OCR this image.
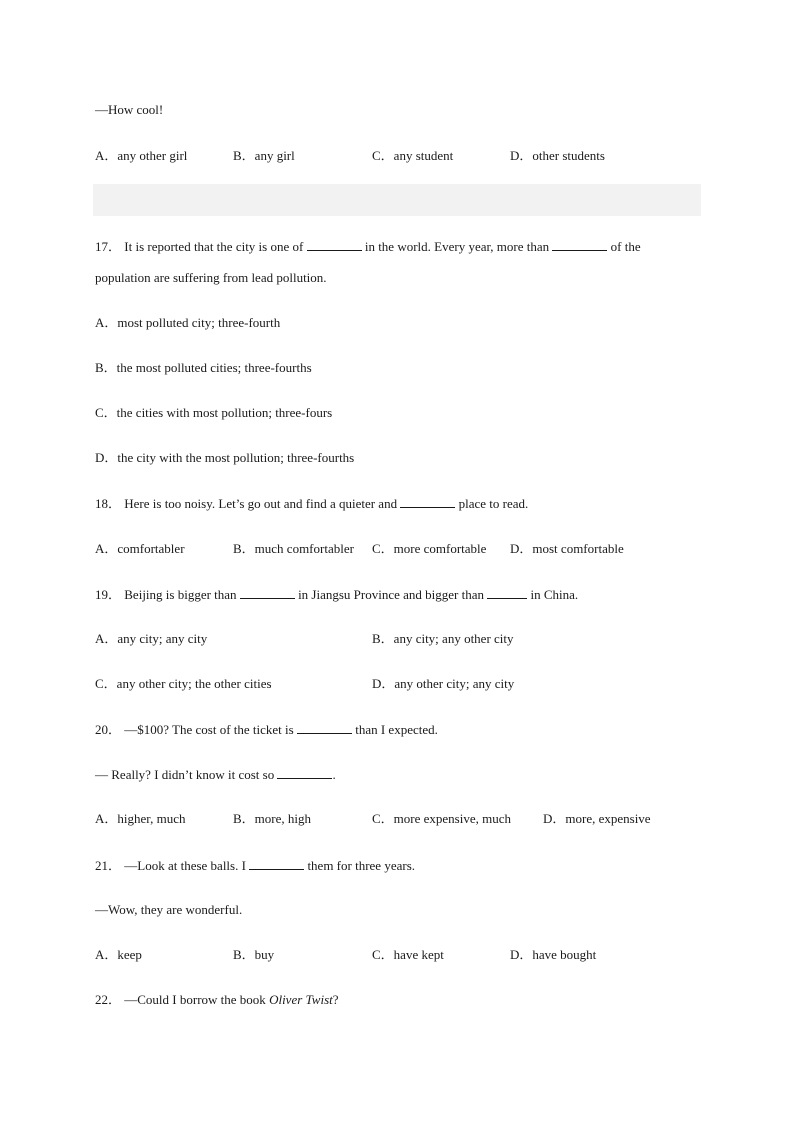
—How cool!
A．any other girl	B．any girl	C．any student	D．other students
17． It is reported that the city is one of	in the world. Every year, more than	of the
population are suffering from lead pollution.
A．most polluted city; three-fourth
B．the most polluted cities; three-fourths
C．the cities with most pollution; three-fours
D．the city with the most pollution; three-fourths
18． Here is too noisy. Let’s go out and find a quieter and	place to read.
A．comfortabler	B．much comfortabler C．more comfortable D．most comfortable
19． Beijing is bigger than	in Jiangsu Province and bigger than	in China.
A．any city; any city	B．any city; any other city
C．any other city; the other cities	D．any other city; any city
20． —$100? The cost of the ticket is	than I expected.
— Really? I didn’t know it cost so	.
A．higher, much	B．more, high	C．more expensive, much D．more, expensive
21． —Look at these balls. I	them for three years.
—Wow, they are wonderful.
A．keep	B．buy	C．have kept	D．have bought
22． —Could I borrow the book Oliver Twist?
